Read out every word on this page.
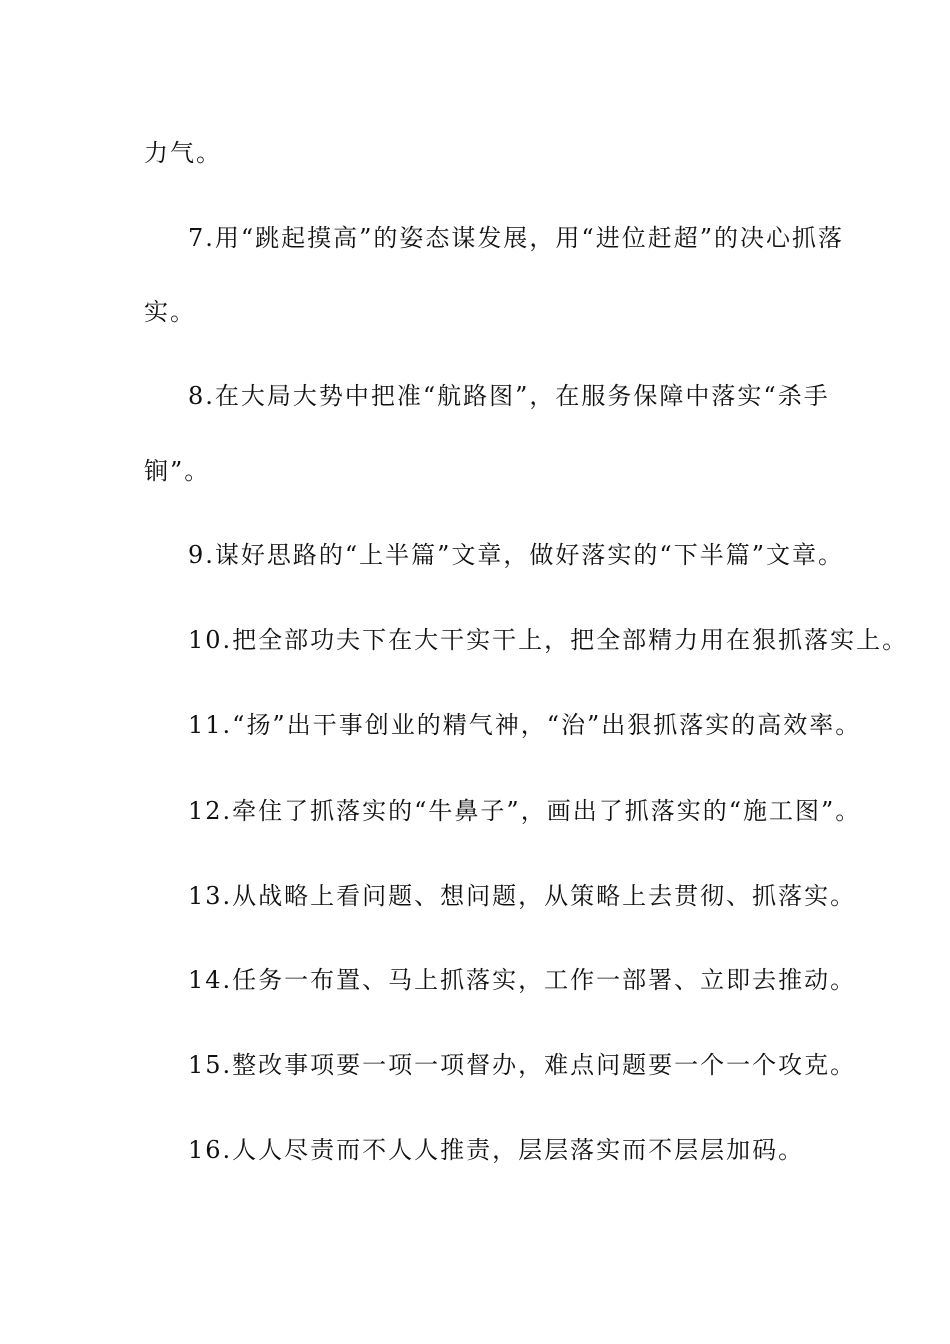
力气。
7.用“跳起摸高”的姿态谋发展，用“进位赶超”的决心抓落
实。
8.在大局大势中把准“航路图”，在服务保障中落实“杀手
锏”。
9.谋好思路的“上半篇”文章，做好落实的“下半篇”文章。
10.把全部功夫下在大干实干上，把全部精力用在狠抓落实上。
11.“扬”出干事创业的精气神，“治”出狠抓落实的高效率。
12.牵住了抓落实的“牛鼻子”，画出了抓落实的“施工图”。
13.从战略上看问题、想问题，从策略上去贯彻、抓落实。
14.任务一布置、马上抓落实，工作一部署、立即去推动。
15.整改事项要一项一项督办，难点问题要一个一个攻克。
16.人人尽责而不人人推责，层层落实而不层层加码。
